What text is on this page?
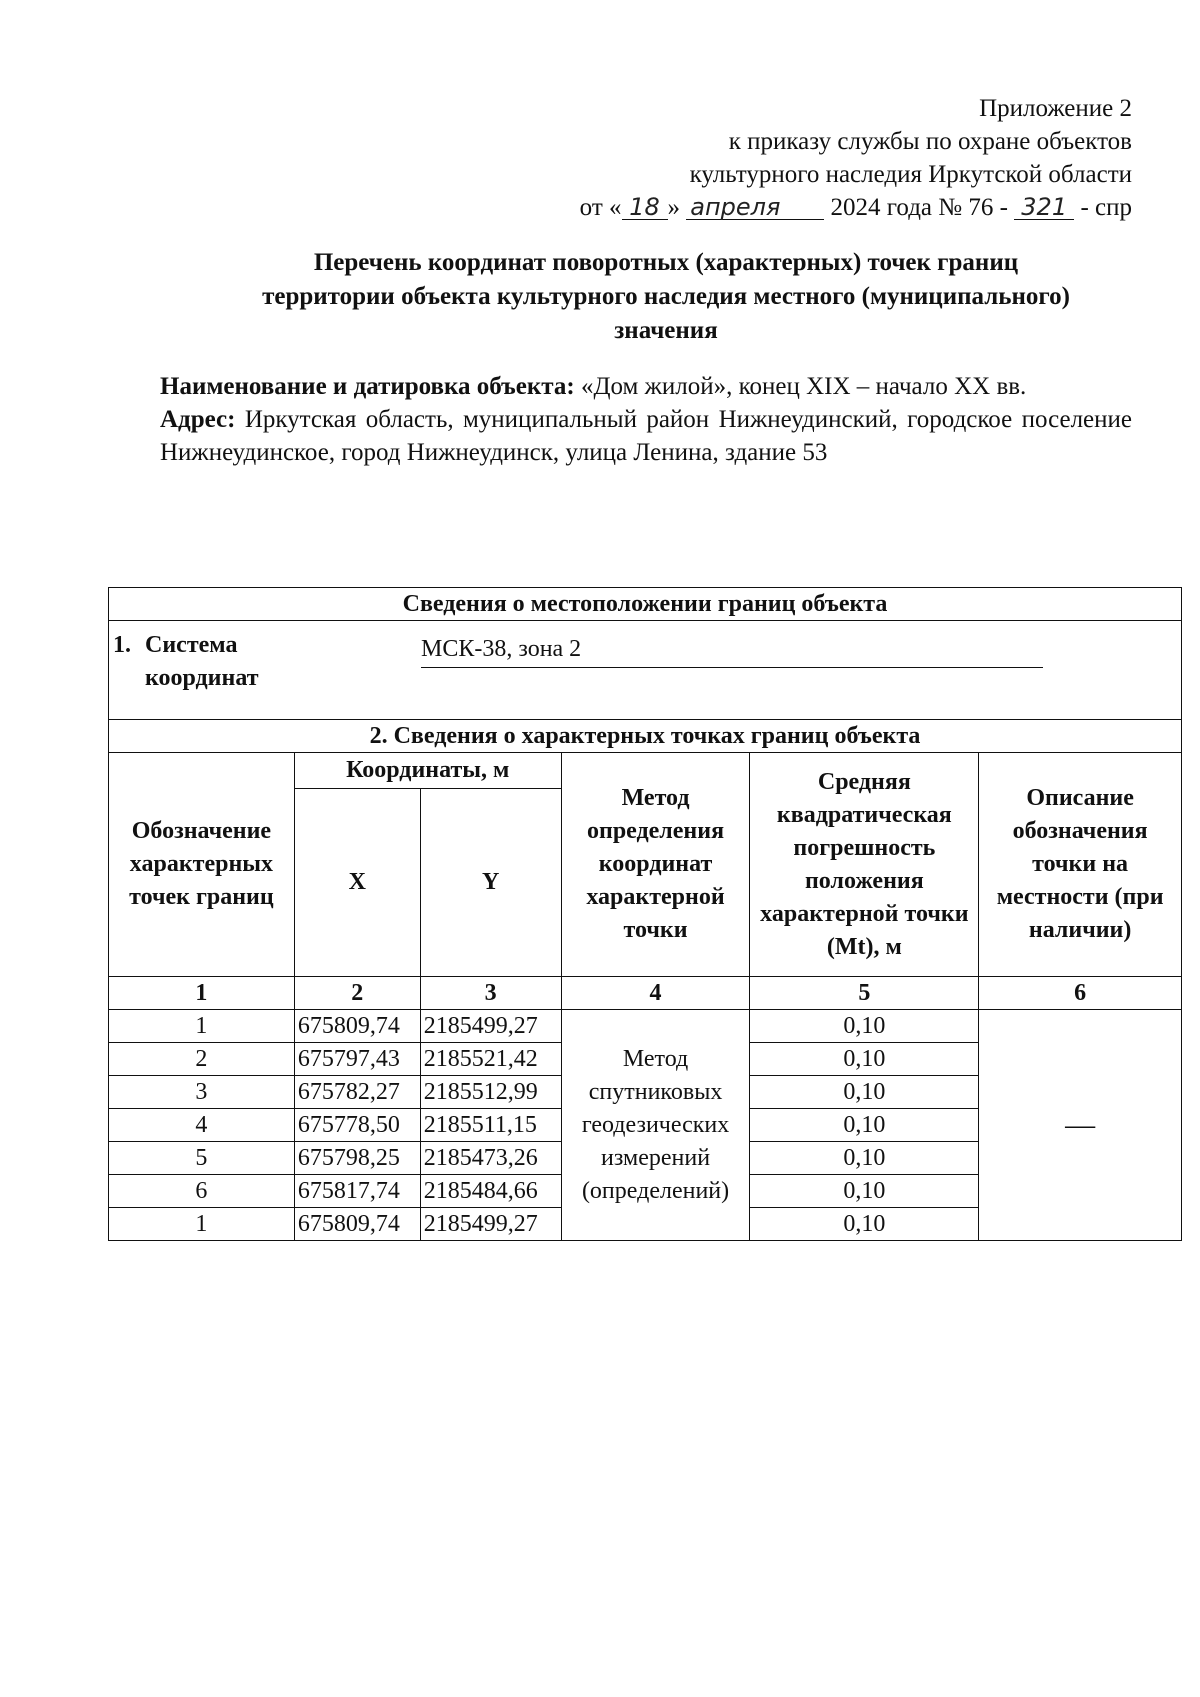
Приложение 2
к приказу службы по охране объектов
культурного наследия Иркутской области
от « 18 » апреля 2024 года № 76 - 321 - спр
Перечень координат поворотных (характерных) точек границ
территории объекта культурного наследия местного (муниципального)
значения

Наименование и датировка объекта: «Дом жилой», конец XIX – начало XX вв.

Адрес: Иркутская область, муниципальный район Нижнеудинский, городское поселение Нижнеудинское, город Нижнеудинск, улица Ленина, здание 53

Сведения о местоположении границ объекта					

1. Система координат
МСК-38, зона 2					

2. Сведения о характерных точках границ объекта					
Обозначение характерных точек границ	Координаты, м		Метод определения координат характерной точки	Средняя квадратическая погрешность положения характерной точки (Mt), м	Описание обозначения точки на местности (при наличии)
	X	Y			
1	2	3	4	5	6
1	675809,74	2185499,27	Метод спутниковых геодезических измерений (определений)	0,10	—
2	675797,43	2185521,42		0,10	
3	675782,27	2185512,99		0,10	
4	675778,50	2185511,15		0,10	
5	675798,25	2185473,26		0,10	
6	675817,74	2185484,66		0,10	
1	675809,74	2185499,27		0,10	
